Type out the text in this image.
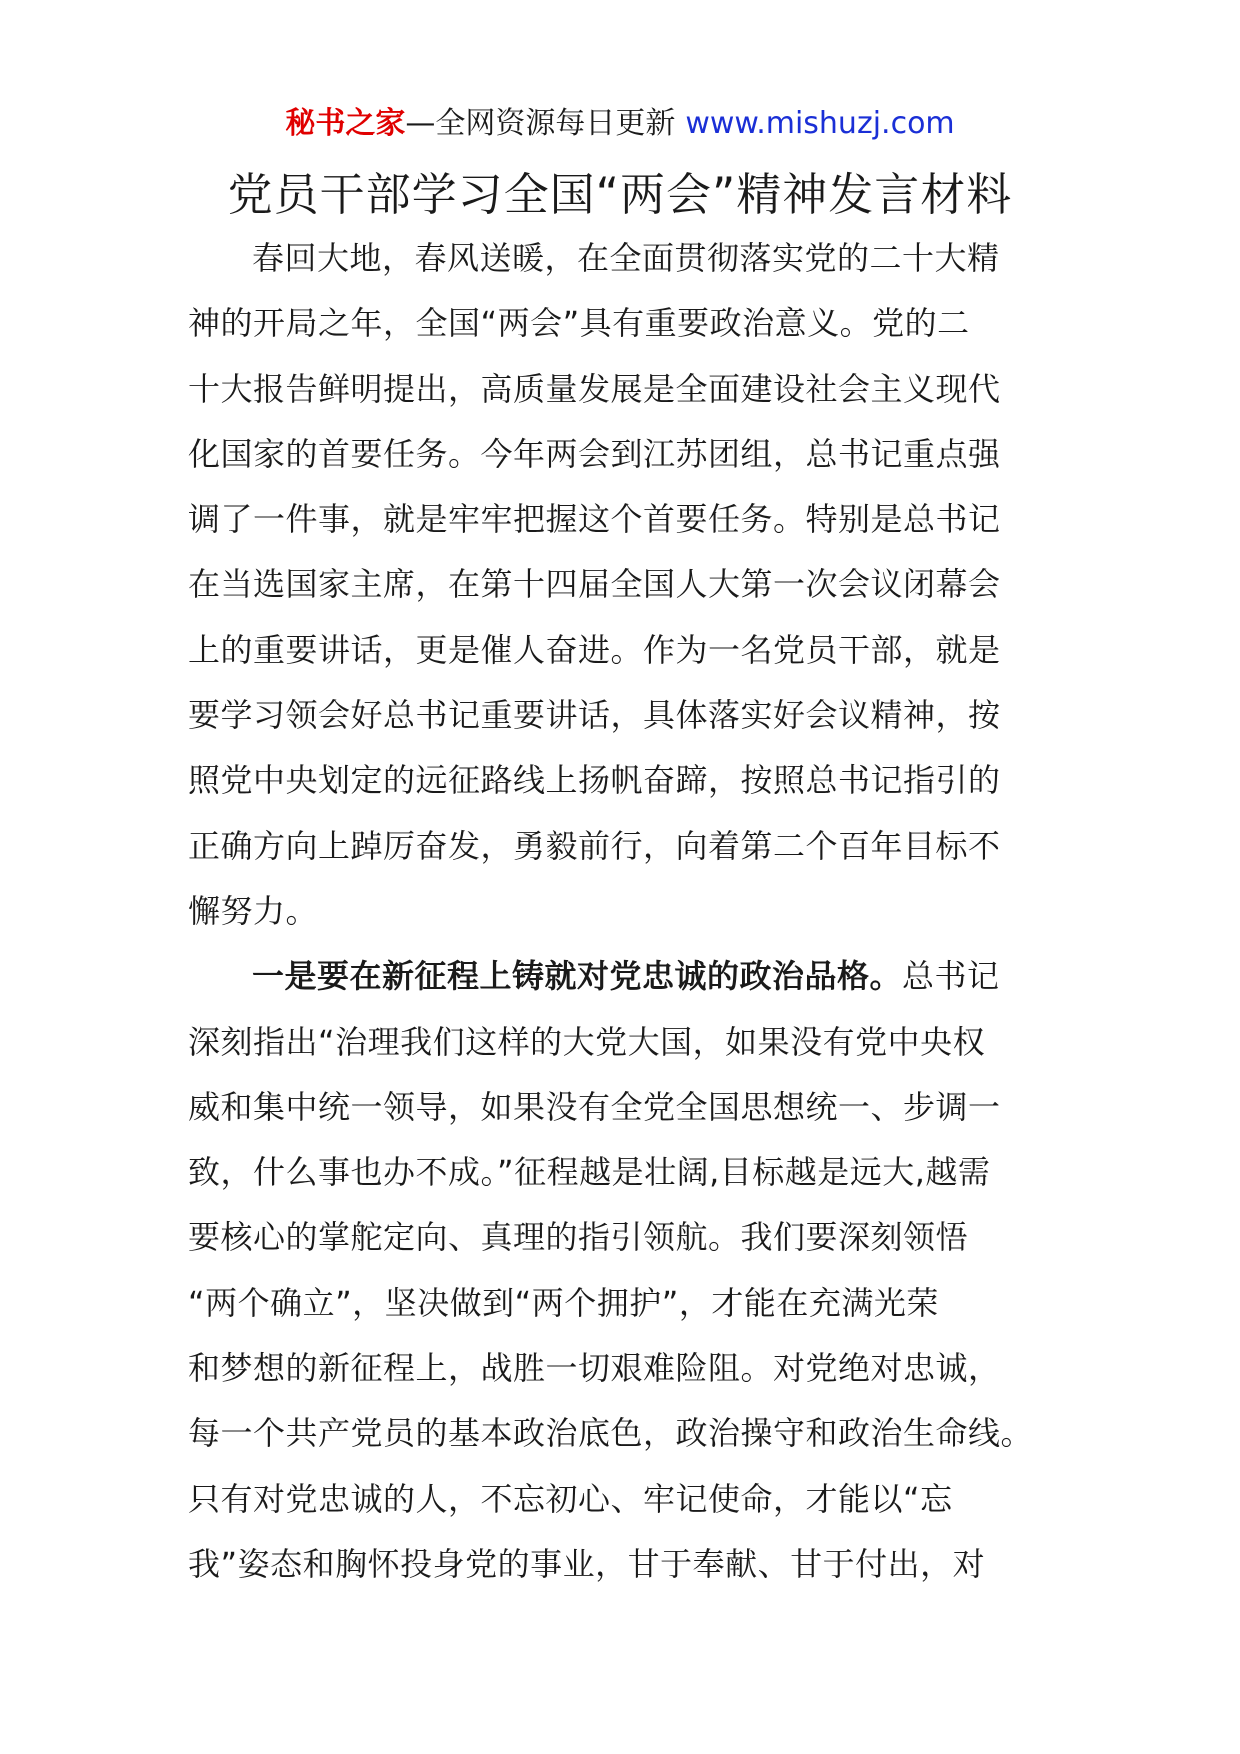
秘书之家—全网资源每日更新 www.mishuzj.com
党员干部学习全国“两会”精神发言材料
春回大地，春风送暖，在全面贯彻落实党的二十大精
神的开局之年，全国“两会”具有重要政治意义。党的二
十大报告鲜明提出，高质量发展是全面建设社会主义现代
化国家的首要任务。今年两会到江苏团组，总书记重点强
调了一件事，就是牢牢把握这个首要任务。特别是总书记
在当选国家主席，在第十四届全国人大第一次会议闭幕会
上的重要讲话，更是催人奋进。作为一名党员干部，就是
要学习领会好总书记重要讲话，具体落实好会议精神，按
照党中央划定的远征路线上扬帆奋蹄，按照总书记指引的
正确方向上踔厉奋发，勇毅前行，向着第二个百年目标不
懈努力。
一是要在新征程上铸就对党忠诚的政治品格。总书记
深刻指出“治理我们这样的大党大国，如果没有党中央权
威和集中统一领导，如果没有全党全国思想统一、步调一
致，什么事也办不成。”征程越是壮阔,目标越是远大,越需
要核心的掌舵定向、真理的指引领航。我们要深刻领悟
“两个确立”，坚决做到“两个拥护”，才能在充满光荣
和梦想的新征程上，战胜一切艰难险阻。对党绝对忠诚，
每一个共产党员的基本政治底色，政治操守和政治生命线。
只有对党忠诚的人，不忘初心、牢记使命，才能以“忘
我”姿态和胸怀投身党的事业，甘于奉献、甘于付出，对
